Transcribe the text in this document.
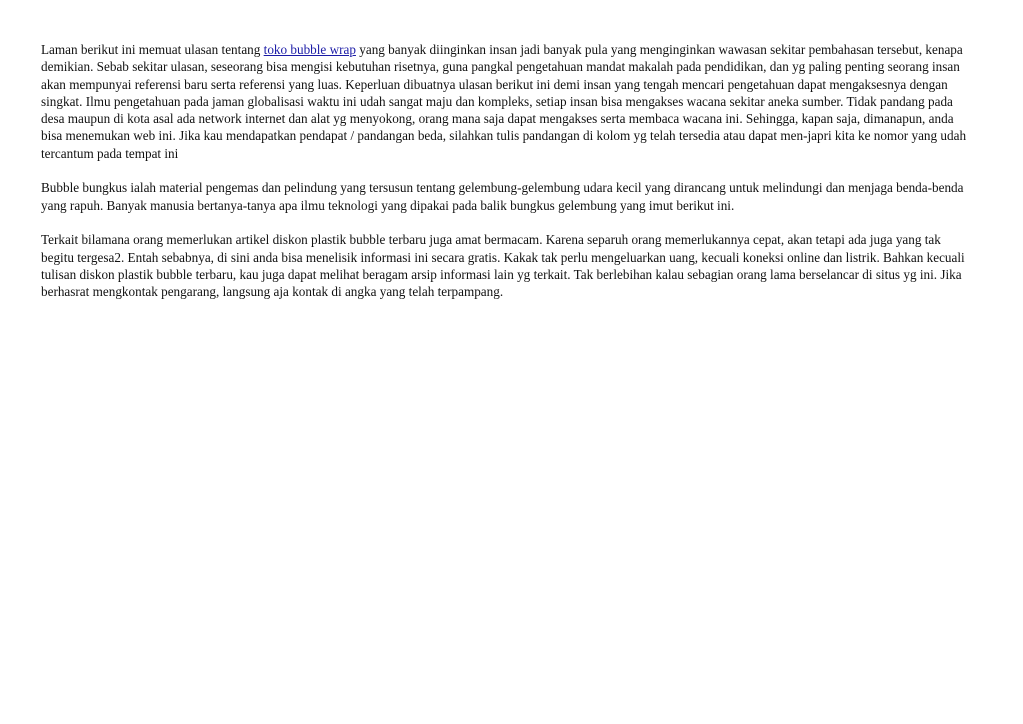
Laman berikut ini memuat ulasan tentang toko bubble wrap yang banyak diinginkan insan jadi banyak pula yang menginginkan wawasan sekitar pembahasan tersebut, kenapa demikian. Sebab sekitar ulasan, seseorang bisa mengisi kebutuhan risetnya, guna pangkal pengetahuan mandat makalah pada pendidikan, dan yg paling penting seorang insan akan mempunyai referensi baru serta referensi yang luas. Keperluan dibuatnya ulasan berikut ini demi insan yang tengah mencari pengetahuan dapat mengaksesnya dengan singkat. Ilmu pengetahuan pada jaman globalisasi waktu ini udah sangat maju dan kompleks, setiap insan bisa mengakses wacana sekitar aneka sumber. Tidak pandang pada desa maupun di kota asal ada network internet dan alat yg menyokong, orang mana saja dapat mengakses serta membaca wacana ini. Sehingga, kapan saja, dimanapun, anda bisa menemukan web ini. Jika kau mendapatkan pendapat / pandangan beda, silahkan tulis pandangan di kolom yg telah tersedia atau dapat men-japri kita ke nomor yang udah tercantum pada tempat ini

Bubble bungkus ialah material pengemas dan pelindung yang tersusun tentang gelembung-gelembung udara kecil yang dirancang untuk melindungi dan menjaga benda-benda yang rapuh. Banyak manusia bertanya-tanya apa ilmu teknologi yang dipakai pada balik bungkus gelembung yang imut berikut ini.

Terkait bilamana orang memerlukan artikel diskon plastik bubble terbaru juga amat bermacam. Karena separuh orang memerlukannya cepat, akan tetapi ada juga yang tak begitu tergesa2. Entah sebabnya, di sini anda bisa menelisik informasi ini secara gratis. Kakak tak perlu mengeluarkan uang, kecuali koneksi online dan listrik. Bahkan kecuali tulisan diskon plastik bubble terbaru, kau juga dapat melihat beragam arsip informasi lain yg terkait. Tak berlebihan kalau sebagian orang lama berselancar di situs yg ini. Jika berhasrat mengkontak pengarang, langsung aja kontak di angka yang telah terpampang.
